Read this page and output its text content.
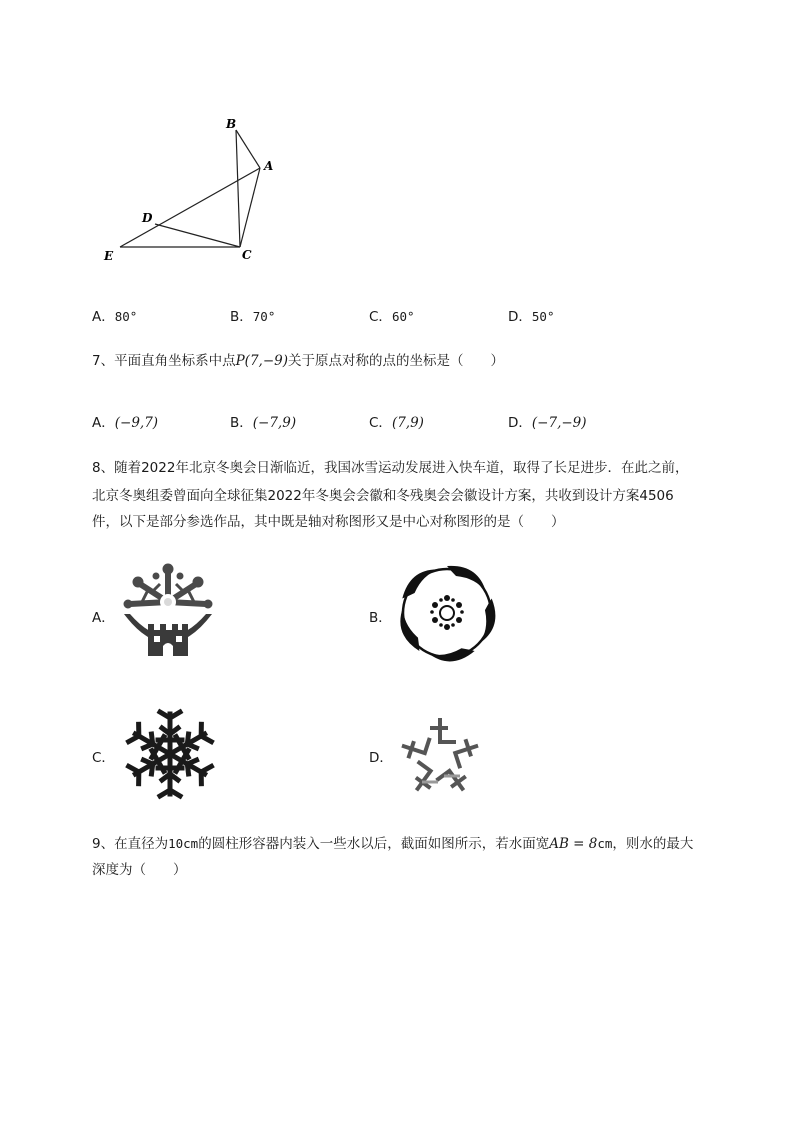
B
A
D
E	C
A．80°	B．70°	C．60°	D．50°
7、平面直角坐标系中点P(7,−9)关于原点对称的点的坐标是（　　）
A．(−9,7)	B．(−7,9)	C．(7,9)	D．(−7,−9)
8、随着2022年北京冬奥会日渐临近，我国冰雪运动发展进入快车道，取得了长足进步．在此之前，
北京冬奥组委曾面向全球征集2022年冬奥会会徽和冬残奥会会徽设计方案，共收到设计方案4506
件，以下是部分参选作品，其中既是轴对称图形又是中心对称图形的是（　　）
A．	B．
C．	D．
9、在直径为10cm的圆柱形容器内装入一些水以后，截面如图所示，若水面宽AB = 8cm，则水的最大
深度为（　　）
